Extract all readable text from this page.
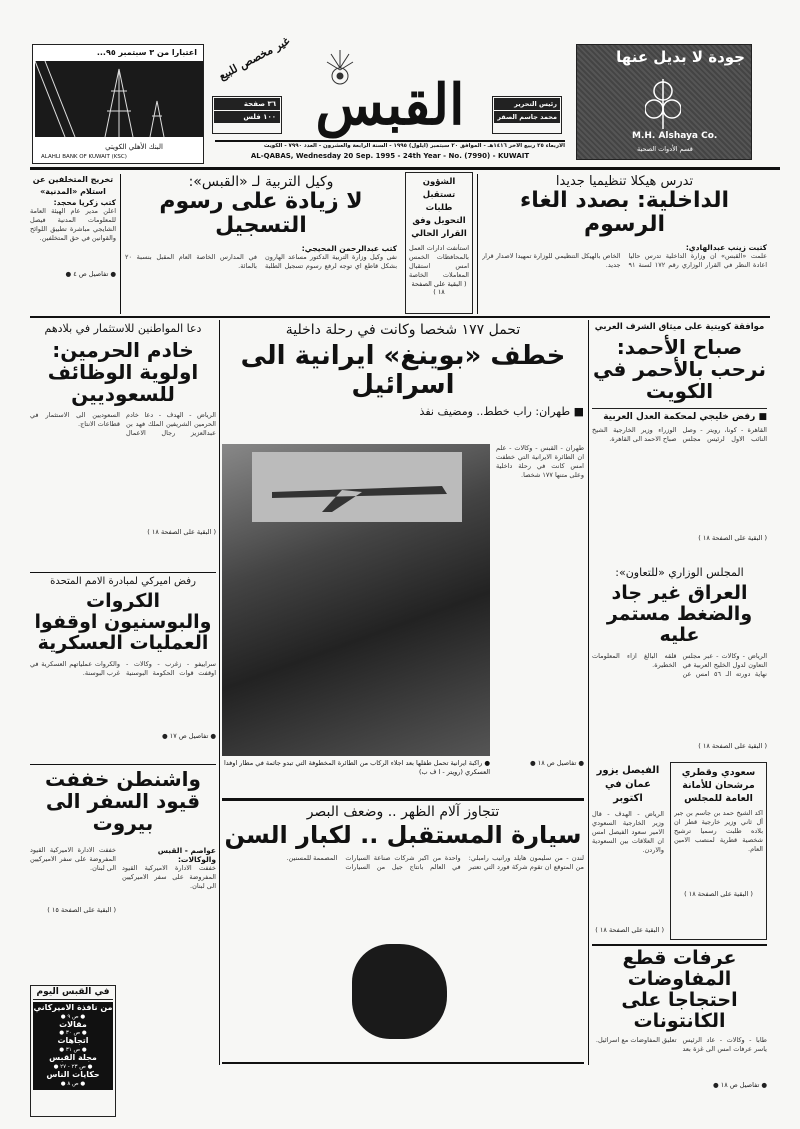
اعتبارا من ٣ سبتمبر ٩٥...
البنك الأهلي الكويتي
ALAHLI BANK OF KUWAIT (KSC)
غير مخصص للبيع
٣٦ صفحة
١٠٠ فلس القبس	رئيس التحرير
محمد جاسم الصقر
الاربعاء ٢٥ ربيع الآخر ١٤١٦هـ - الموافق ٢٠ سبتمبر (أيلول) ١٩٩٥ - السنة الرابعة والعشرون - العدد ٧٩٩٠ - الكويت
AL-QABAS, Wednesday 20 Sep. 1995 - 24th Year - No. (7990) - KUWAIT
جودة لا بديل عنها
M.H. Alshaya Co.
قسم الأدوات الصحية
تدرس هيكلا تنظيميا جديدا
الداخلية: بصدد الغاء الرسوم
كتبت زينب عبدالهادي:
علمت «القبس» ان وزارة الداخلية تدرس حاليا اعادة النظر في القرار الوزاري رقم ١٧٢ لسنة ٩١ الخاص بالهيكل التنظيمي للوزارة تمهيدا لاصدار قرار جديد.
الشؤون تستقبل طلبات التحويل وفق القرار الحالي
استأنفت ادارات العمل بالمحافظات الخمس امس استقبال المعاملات الخاصة
( البقية على الصفحة ١٨ )
وكيل التربية لـ «القبس»:
لا زيادة على رسوم التسجيل
كتب عبدالرحمن المحيجي:
نفى وكيل وزارة التربية الدكتور مساعد الهارون بشكل قاطع اي توجه لرفع رسوم تسجيل الطلبة في المدارس الخاصة العام المقبل بنسبة ٢٠ بالمائة.
تخريج المتخلفين عن استلام «المدنية»
كتب زكريا محجد:
اعلن مدير عام الهيئة العامة للمعلومات المدنية فيصل الشايجي مباشرة تطبيق اللوائح والقوانين في حق المتخلفين.
● تفاصيل ص ٤ ●
موافقة كويتية على ميثاق الشرف العربي
صباح الأحمد: نرحب بالأحمر في الكويت
■ رفض خليجي لمحكمة العدل العربية
القاهرة - كونا، رويتر - وصل النائب الاول لرئيس مجلس الوزراء وزير الخارجية الشيخ صباح الاحمد الى القاهرة.
( البقية على الصفحة ١٨ )
تحمل ١٧٧ شخصا وكانت في رحلة داخلية
خطف «بوينغ» ايرانية الى اسرائيل
■ طهران: راب خطط.. ومضيف نفذ
● راكبة ايرانية تحمل طفلها بعد اجلاء الركاب من الطائرة المخطوفة التي تبدو جاثمة في مطار اوفدا العسكري (رويتر - ا ف ب)
طهران - القبس - وكالات - علم ان الطائرة الايرانية التي خطفت امس كانت في رحلة داخلية وعلى متنها ١٧٧ شخصا.
● تفاصيل ص ١٨ ●
دعا المواطنين للاستثمار في بلادهم
خادم الحرمين: اولوية الوظائف للسعوديين
الرياض - الهدف - دعا خادم الحرمين الشريفين الملك فهد بن عبدالعزيز رجال الاعمال السعوديين الى الاستثمار في قطاعات الانتاج.
( البقية على الصفحة ١٨ )
رفض اميركي لمبادرة الامم المتحدة
الكروات والبوسنيون اوقفوا العمليات العسكرية
سراييفو - زغرب - وكالات - اوقفت قوات الحكومة البوسنية والكروات عملياتهم العسكرية في غرب البوسنة.
● تفاصيل ص ١٧ ●
المجلس الوزاري «للتعاون»:
العراق غير جاد والضغط مستمر عليه
الرياض - وكالات - عبر مجلس التعاون لدول الخليج العربية في نهاية دورته الـ ٥٦ امس عن قلقه البالغ ازاء المعلومات الخطيرة.
( البقية على الصفحة ١٨ )
تتجاوز آلام الظهر .. وضعف البصر
سيارة المستقبل .. لكبار السن
لندن - من سليمون هايلد ورانيب رامبلي: من المتوقع ان تقوم شركة فورد التي تعتبر واحدة من اكبر شركات صناعة السيارات في العالم بانتاج جيل من السيارات المصممة للمسنين.
الفيصل يزور عمان في اكتوبر
الرياض - الهدف - قال وزير الخارجية السعودي الامير سعود الفيصل امس ان العلاقات بين السعودية والاردن.
سعودي وقطري مرشحان للأمانة العامة للمجلس
اكد الشيخ حمد بن جاسم بن جبر آل ثاني وزير خارجية قطر ان بلاده طلبت رسميا ترشيح شخصية قطرية لمنصب الامين العام.
( البقية على الصفحة ١٨ )
( البقية على الصفحة ١٨ )
عرفات قطع المفاوضات احتجاجا على الكانتونات
طابا - وكالات - عاد الرئيس ياسر عرفات امس الى غزة بعد تعليق المفاوضات مع اسرائيل.
● تفاصيل ص ١٨ ●
واشنطن خففت قيود السفر الى بيروت
عواصم - القبس والوكالات:
خففت الادارة الاميركية القيود المفروضة على سفر الاميركيين الى لبنان.
خففت الادارة الاميركية القيود المفروضة على سفر الاميركيين الى لبنان.
( البقية على الصفحة ١٥ )
في القبس اليوم
من نافذة الاميركاني
● ص ٩ ●
مقالات
● ص ٣٠ ●
اتجاهات
● ص ٣١ ●
مجلة القبس
● ص ٢٣ - ٢٧ ●
حكايات الناس
● ص ٨ ●
